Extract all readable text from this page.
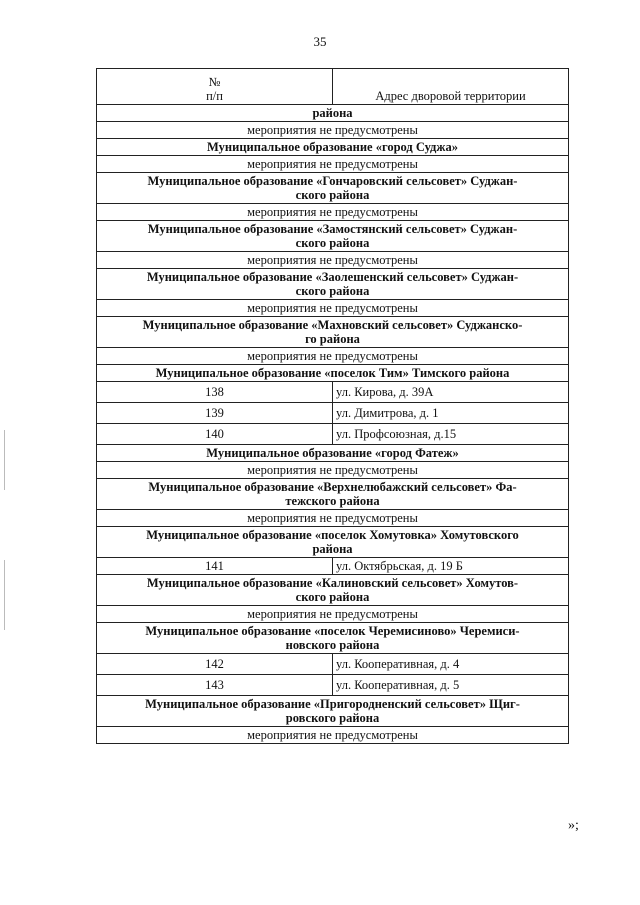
35
№
п/п	Адрес дворовой территории
района	
мероприятия не предусмотрены	
Муниципальное образование «город Суджа»	
мероприятия не предусмотрены	
Муниципальное образование «Гончаровский сельсовет» Суджан-
ского района	
мероприятия не предусмотрены	
Муниципальное образование «Замостянский сельсовет» Суджан-
ского района	
мероприятия не предусмотрены	
Муниципальное образование «Заолешенский сельсовет» Суджан-
ского района	
мероприятия не предусмотрены	
Муниципальное образование «Махновский сельсовет» Суджанско-
го района	
мероприятия не предусмотрены	
Муниципальное образование «поселок Тим» Тимского района	
138	ул. Кирова, д. 39А
139	ул. Димитрова, д. 1
140	ул. Профсоюзная, д.15
Муниципальное образование «город Фатеж»	
мероприятия не предусмотрены	
Муниципальное образование «Верхнелюбажский сельсовет» Фа-
тежского района	
мероприятия не предусмотрены	
Муниципальное образование «поселок Хомутовка» Хомутовского
района	
141	ул. Октябрьская, д. 19 Б
Муниципальное образование «Калиновский сельсовет» Хомутов-
ского района	
мероприятия не предусмотрены	
Муниципальное образование «поселок Черемисиново» Черемиси-
новского района	
142	ул. Кооперативная, д. 4
143	ул. Кооперативная, д. 5
Муниципальное образование «Пригородненский сельсовет» Щиг-
ровского района	
мероприятия не предусмотрены	
»;
